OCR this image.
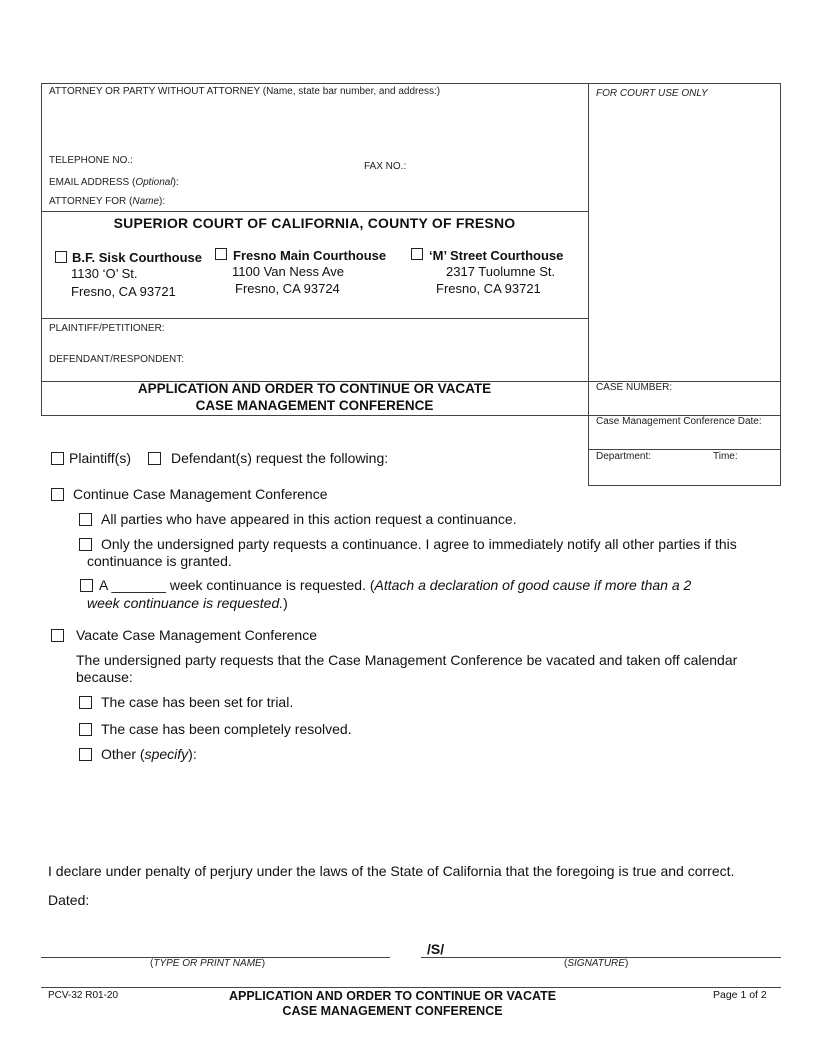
ATTORNEY OR PARTY WITHOUT ATTORNEY (Name, state bar number, and address:)	FOR COURT USE ONLY
TELEPHONE NO.:
FAX NO.:
EMAIL ADDRESS (Optional):
ATTORNEY FOR (Name):
SUPERIOR COURT OF CALIFORNIA, COUNTY OF FRESNO
B.F. Sisk Courthouse
1130 ‘O’ St.
Fresno, CA 93721
Fresno Main Courthouse
1100 Van Ness Ave
Fresno, CA 93724
‘M’ Street Courthouse
2317 Tuolumne St.
Fresno, CA 93721
PLAINTIFF/PETITIONER:
DEFENDANT/RESPONDENT:
APPLICATION AND ORDER TO CONTINUE OR VACATE
CASE MANAGEMENT CONFERENCE
CASE NUMBER:
Case Management Conference Date:
Department:	Time:
Plaintiff(s)	Defendant(s) request the following:
Continue Case Management Conference
All parties who have appeared in this action request a continuance.
Only the undersigned party requests a continuance. I agree to immediately notify all other parties if this
continuance is granted.
A _______ week continuance is requested. (Attach a declaration of good cause if more than a 2
week continuance is requested.)
Vacate Case Management Conference
The undersigned party requests that the Case Management Conference be vacated and taken off calendar
because:
The case has been set for trial.
The case has been completely resolved.
Other (specify):
I declare under penalty of perjury under the laws of the State of California that the foregoing is true and correct.
Dated:
/S/
(TYPE OR PRINT NAME)	(SIGNATURE)
PCV-32 R01-20	APPLICATION AND ORDER TO CONTINUE OR VACATE
CASE MANAGEMENT CONFERENCE
Page 1 of 2
